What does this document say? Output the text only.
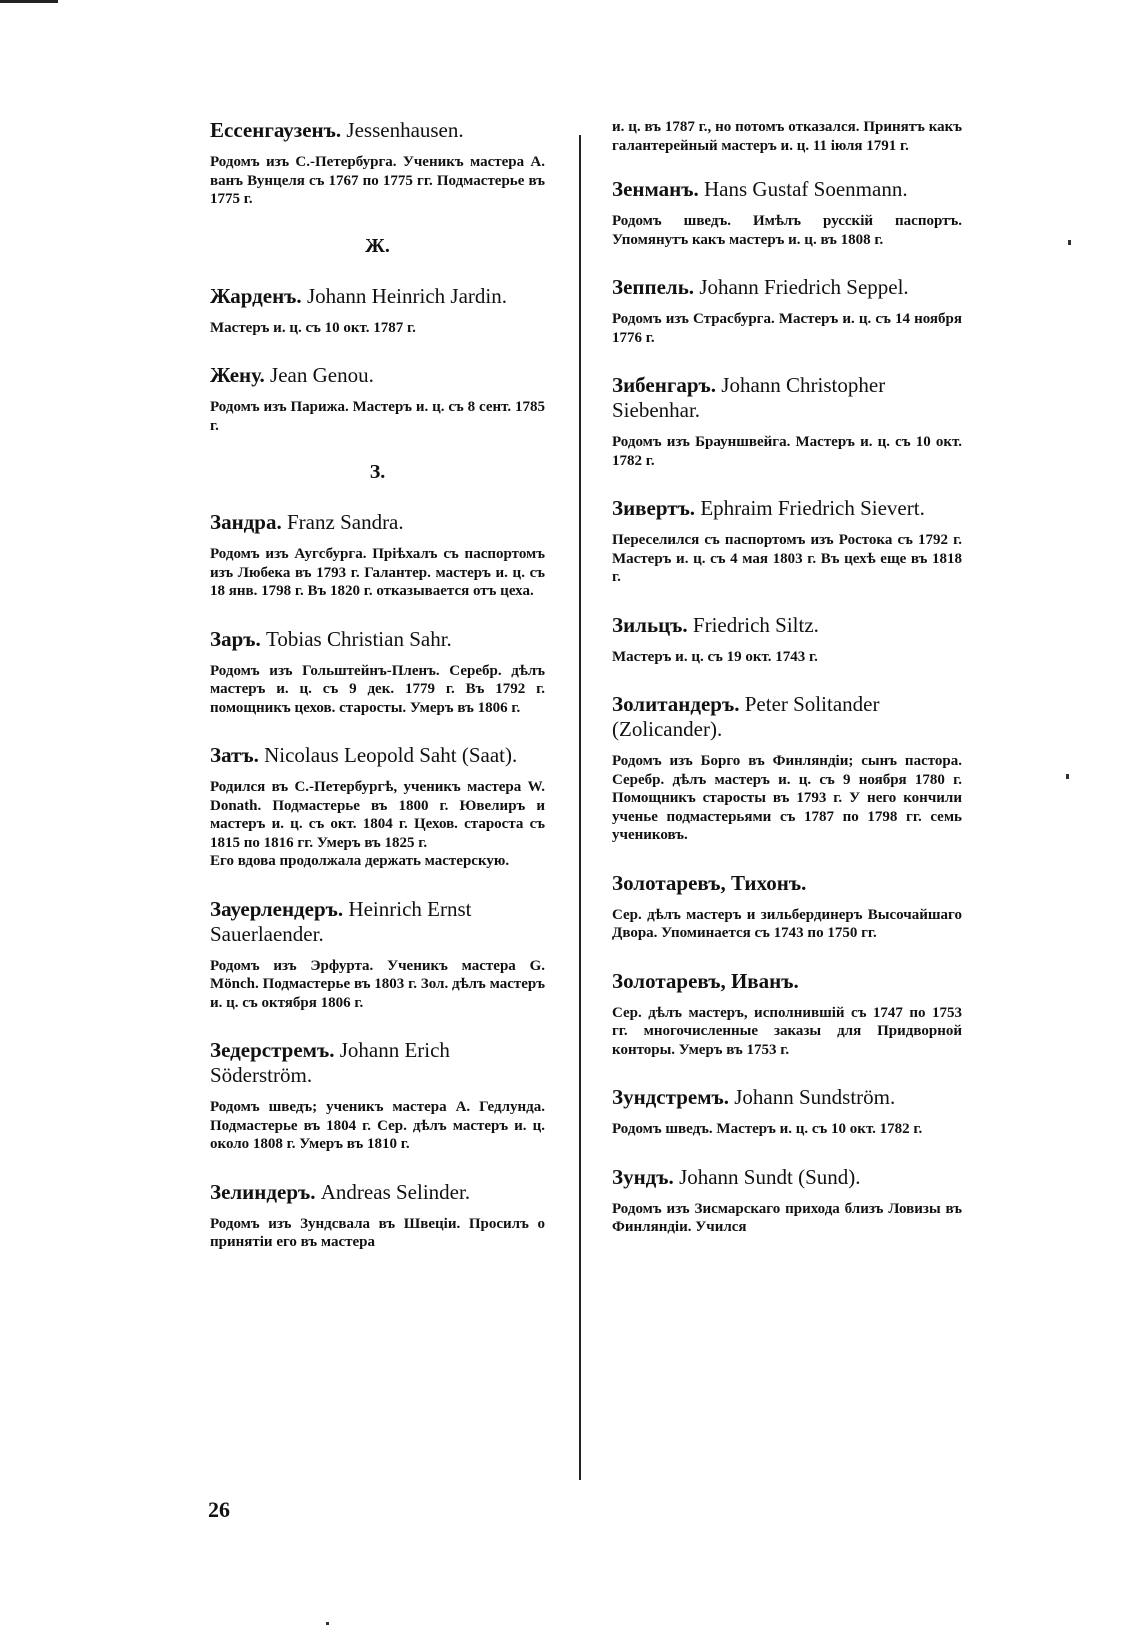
Ессенгаузенъ. Jessenhausen.

Родомъ изъ С.-Петербурга. Ученикъ мастера А. ванъ Вунцеля съ 1767 по 1775 гг. Подмастерье въ 1775 г.

Ж.
Жарденъ. Johann Heinrich Jardin.

Мастеръ и. ц. съ 10 окт. 1787 г.

Жену. Jean Genou.

Родомъ изъ Парижа. Мастеръ и. ц. съ 8 сент. 1785 г.

З.
Зандра. Franz Sandra.

Родомъ изъ Аугсбурга. Пріѣхалъ съ паспортомъ изъ Любека въ 1793 г. Галантер. мастеръ и. ц. съ 18 янв. 1798 г. Въ 1820 г. отказывается отъ цеха.

Заръ. Tobias Christian Sahr.

Родомъ изъ Гольштейнъ-Пленъ. Серебр. дѣлъ мастеръ и. ц. съ 9 дек. 1779 г. Въ 1792 г. помощникъ цехов. старосты. Умеръ въ 1806 г.

Затъ. Nicolaus Leopold Saht (Saat).

Родился въ С.-Петербургѣ, ученикъ мастера W. Donath. Подмастерье въ 1800 г. Ювелиръ и мастеръ и. ц. съ окт. 1804 г. Цехов. староста съ 1815 по 1816 гг. Умеръ въ 1825 г.

Его вдова продолжала держать мастерскую.

Зауерлендеръ. Heinrich Ernst Sauerlaender.

Родомъ изъ Эрфурта. Ученикъ мастера G. Mönch. Подмастерье въ 1803 г. Зол. дѣлъ мастеръ и. ц. съ октября 1806 г.

Зедерстремъ. Johann Erich Söderström.

Родомъ шведъ; ученикъ мастера А. Гедлунда. Подмастерье въ 1804 г. Сер. дѣлъ мастеръ и. ц. около 1808 г. Умеръ въ 1810 г.

Зелиндеръ. Andreas Selinder.

Родомъ изъ Зундсвала въ Швеціи. Просилъ о принятіи его въ мастера

и. ц. въ 1787 г., но потомъ отказался. Принятъ какъ галантерейный мастеръ и. ц. 11 іюля 1791 г.

Зенманъ. Hans Gustaf Soenmann.

Родомъ шведъ. Имѣлъ русскій паспортъ. Упомянутъ какъ мастеръ и. ц. въ 1808 г.

Зеппель. Johann Friedrich Seppel.

Родомъ изъ Страсбурга. Мастеръ и. ц. съ 14 ноября 1776 г.

Зибенгаръ. Johann Christopher Siebenhar.

Родомъ изъ Брауншвейга. Мастеръ и. ц. съ 10 окт. 1782 г.

Зивертъ. Ephraim Friedrich Sievert.

Переселился съ паспортомъ изъ Ростока съ 1792 г. Мастеръ и. ц. съ 4 мая 1803 г. Въ цехѣ еще въ 1818 г.

Зильцъ. Friedrich Siltz.

Мастеръ и. ц. съ 19 окт. 1743 г.

Золитандеръ. Peter Solitander (Zolicander).

Родомъ изъ Борго въ Финляндіи; сынъ пастора. Серебр. дѣлъ мастеръ и. ц. съ 9 ноября 1780 г. Помощникъ старосты въ 1793 г. У него кончили ученье подмастерьями съ 1787 по 1798 гг. семь учениковъ.

Золотаревъ, Тихонъ.

Сер. дѣлъ мастеръ и зильбердинеръ Высочайшаго Двора. Упоминается съ 1743 по 1750 гг.

Золотаревъ, Иванъ.

Сер. дѣлъ мастеръ, исполнившій съ 1747 по 1753 гг. многочисленные заказы для Придворной конторы. Умеръ въ 1753 г.

Зундстремъ. Johann Sundström.

Родомъ шведъ. Мастеръ и. ц. съ 10 окт. 1782 г.

Зундъ. Johann Sundt (Sund).

Родомъ изъ Зисмарскаго прихода близъ Ловизы въ Финляндіи. Учился

26
